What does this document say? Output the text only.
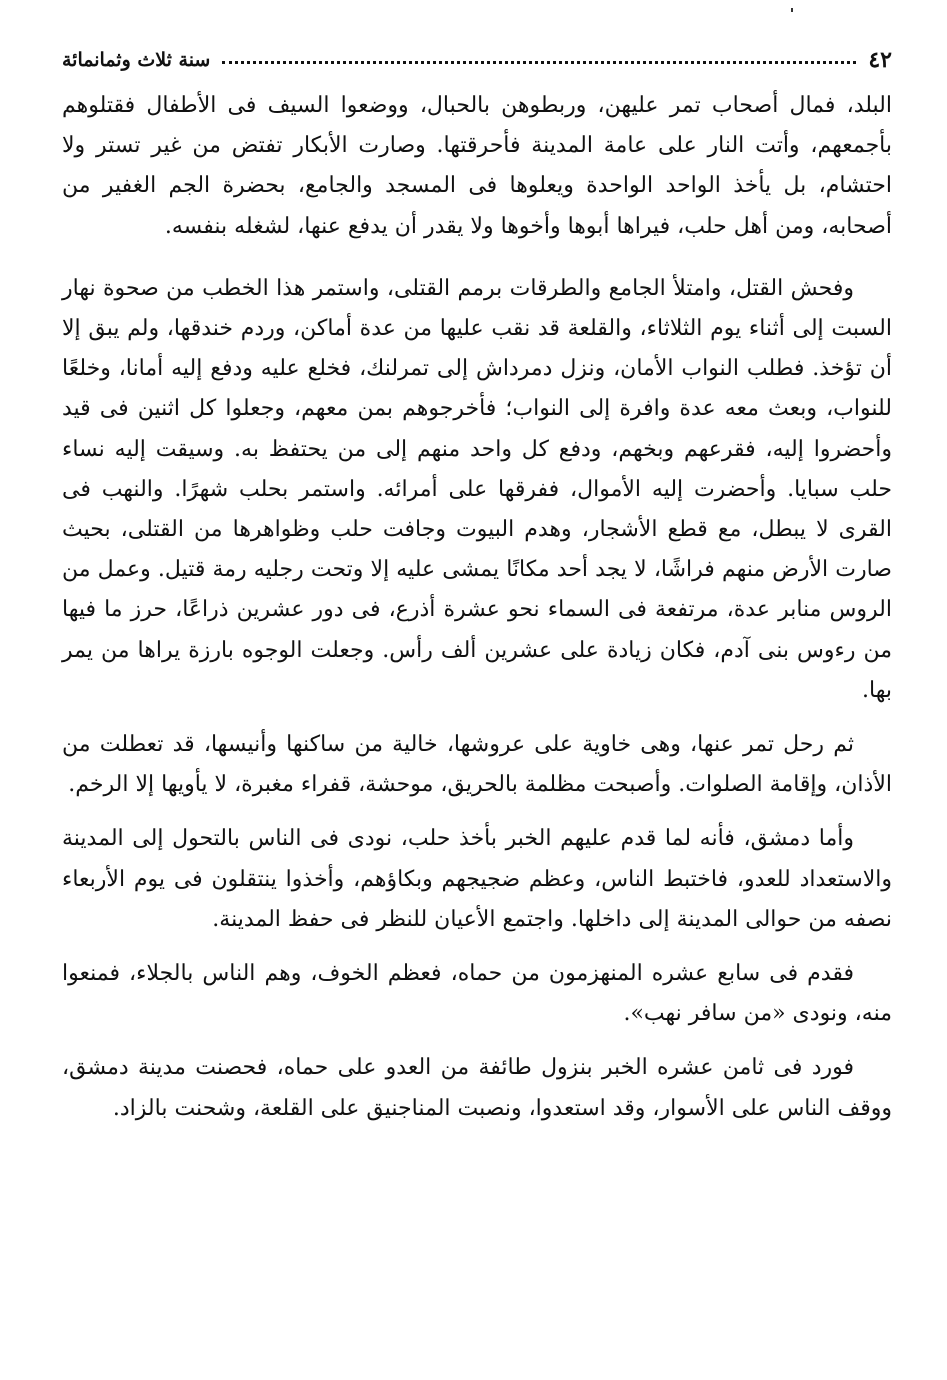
٤٢
سنة ثلاث وثمانمائة

البلد، فمال أصحاب تمر عليهن، وربطوهن بالحبال، ووضعوا السيف فى الأطفال فقتلوهم بأجمعهم، وأتت النار على عامة المدينة فأحرقتها. وصارت الأبكار تفتض من غير تستر ولا احتشام، بل يأخذ الواحد الواحدة ويعلوها فى المسجد والجامع، بحضرة الجم الغفير من أصحابه، ومن أهل حلب، فيراها أبوها وأخوها ولا يقدر أن يدفع عنها، لشغله بنفسه.

وفحش القتل، وامتلأ الجامع والطرقات برمم القتلى، واستمر هذا الخطب من صحوة نهار السبت إلى أثناء يوم الثلاثاء، والقلعة قد نقب عليها من عدة أماكن، وردم خندقها، ولم يبق إلا أن تؤخذ. فطلب النواب الأمان، ونزل دمرداش إلى تمرلنك، فخلع عليه ودفع إليه أمانا، وخلعًا للنواب، وبعث معه عدة وافرة إلى النواب؛ فأخرجوهم بمن معهم، وجعلوا كل اثنين فى قيد وأحضروا إليه، فقرعهم وبخهم، ودفع كل واحد منهم إلى من يحتفظ به. وسيقت إليه نساء حلب سبايا. وأحضرت إليه الأموال، ففرقها على أمرائه. واستمر بحلب شهرًا. والنهب فى القرى لا يبطل، مع قطع الأشجار، وهدم البيوت وجافت حلب وظواهرها من القتلى، بحيث صارت الأرض منهم فراشًا، لا يجد أحد مكانًا يمشى عليه إلا وتحت رجليه رمة قتيل. وعمل من الروس منابر عدة، مرتفعة فى السماء نحو عشرة أذرع، فى دور عشرين ذراعًا، حرز ما فيها من رءوس بنى آدم، فكان زيادة على عشرين ألف رأس. وجعلت الوجوه بارزة يراها من يمر بها.

ثم رحل تمر عنها، وهى خاوية على عروشها، خالية من ساكنها وأنيسها، قد تعطلت من الأذان، وإقامة الصلوات. وأصبحت مظلمة بالحريق، موحشة، قفراء مغبرة، لا يأويها إلا الرخم.

وأما دمشق، فأنه لما قدم عليهم الخبر بأخذ حلب، نودى فى الناس بالتحول إلى المدينة والاستعداد للعدو، فاختبط الناس، وعظم ضجيجهم وبكاؤهم، وأخذوا ينتقلون فى يوم الأربعاء نصفه من حوالى المدينة إلى داخلها. واجتمع الأعيان للنظر فى حفظ المدينة.

فقدم فى سابع عشره المنهزمون من حماه، فعظم الخوف، وهم الناس بالجلاء، فمنعوا منه، ونودى «من سافر نهب».

فورد فى ثامن عشره الخبر بنزول طائفة من العدو على حماه، فحصنت مدينة دمشق، ووقف الناس على الأسوار، وقد استعدوا، ونصبت المناجنيق على القلعة، وشحنت بالزاد.
